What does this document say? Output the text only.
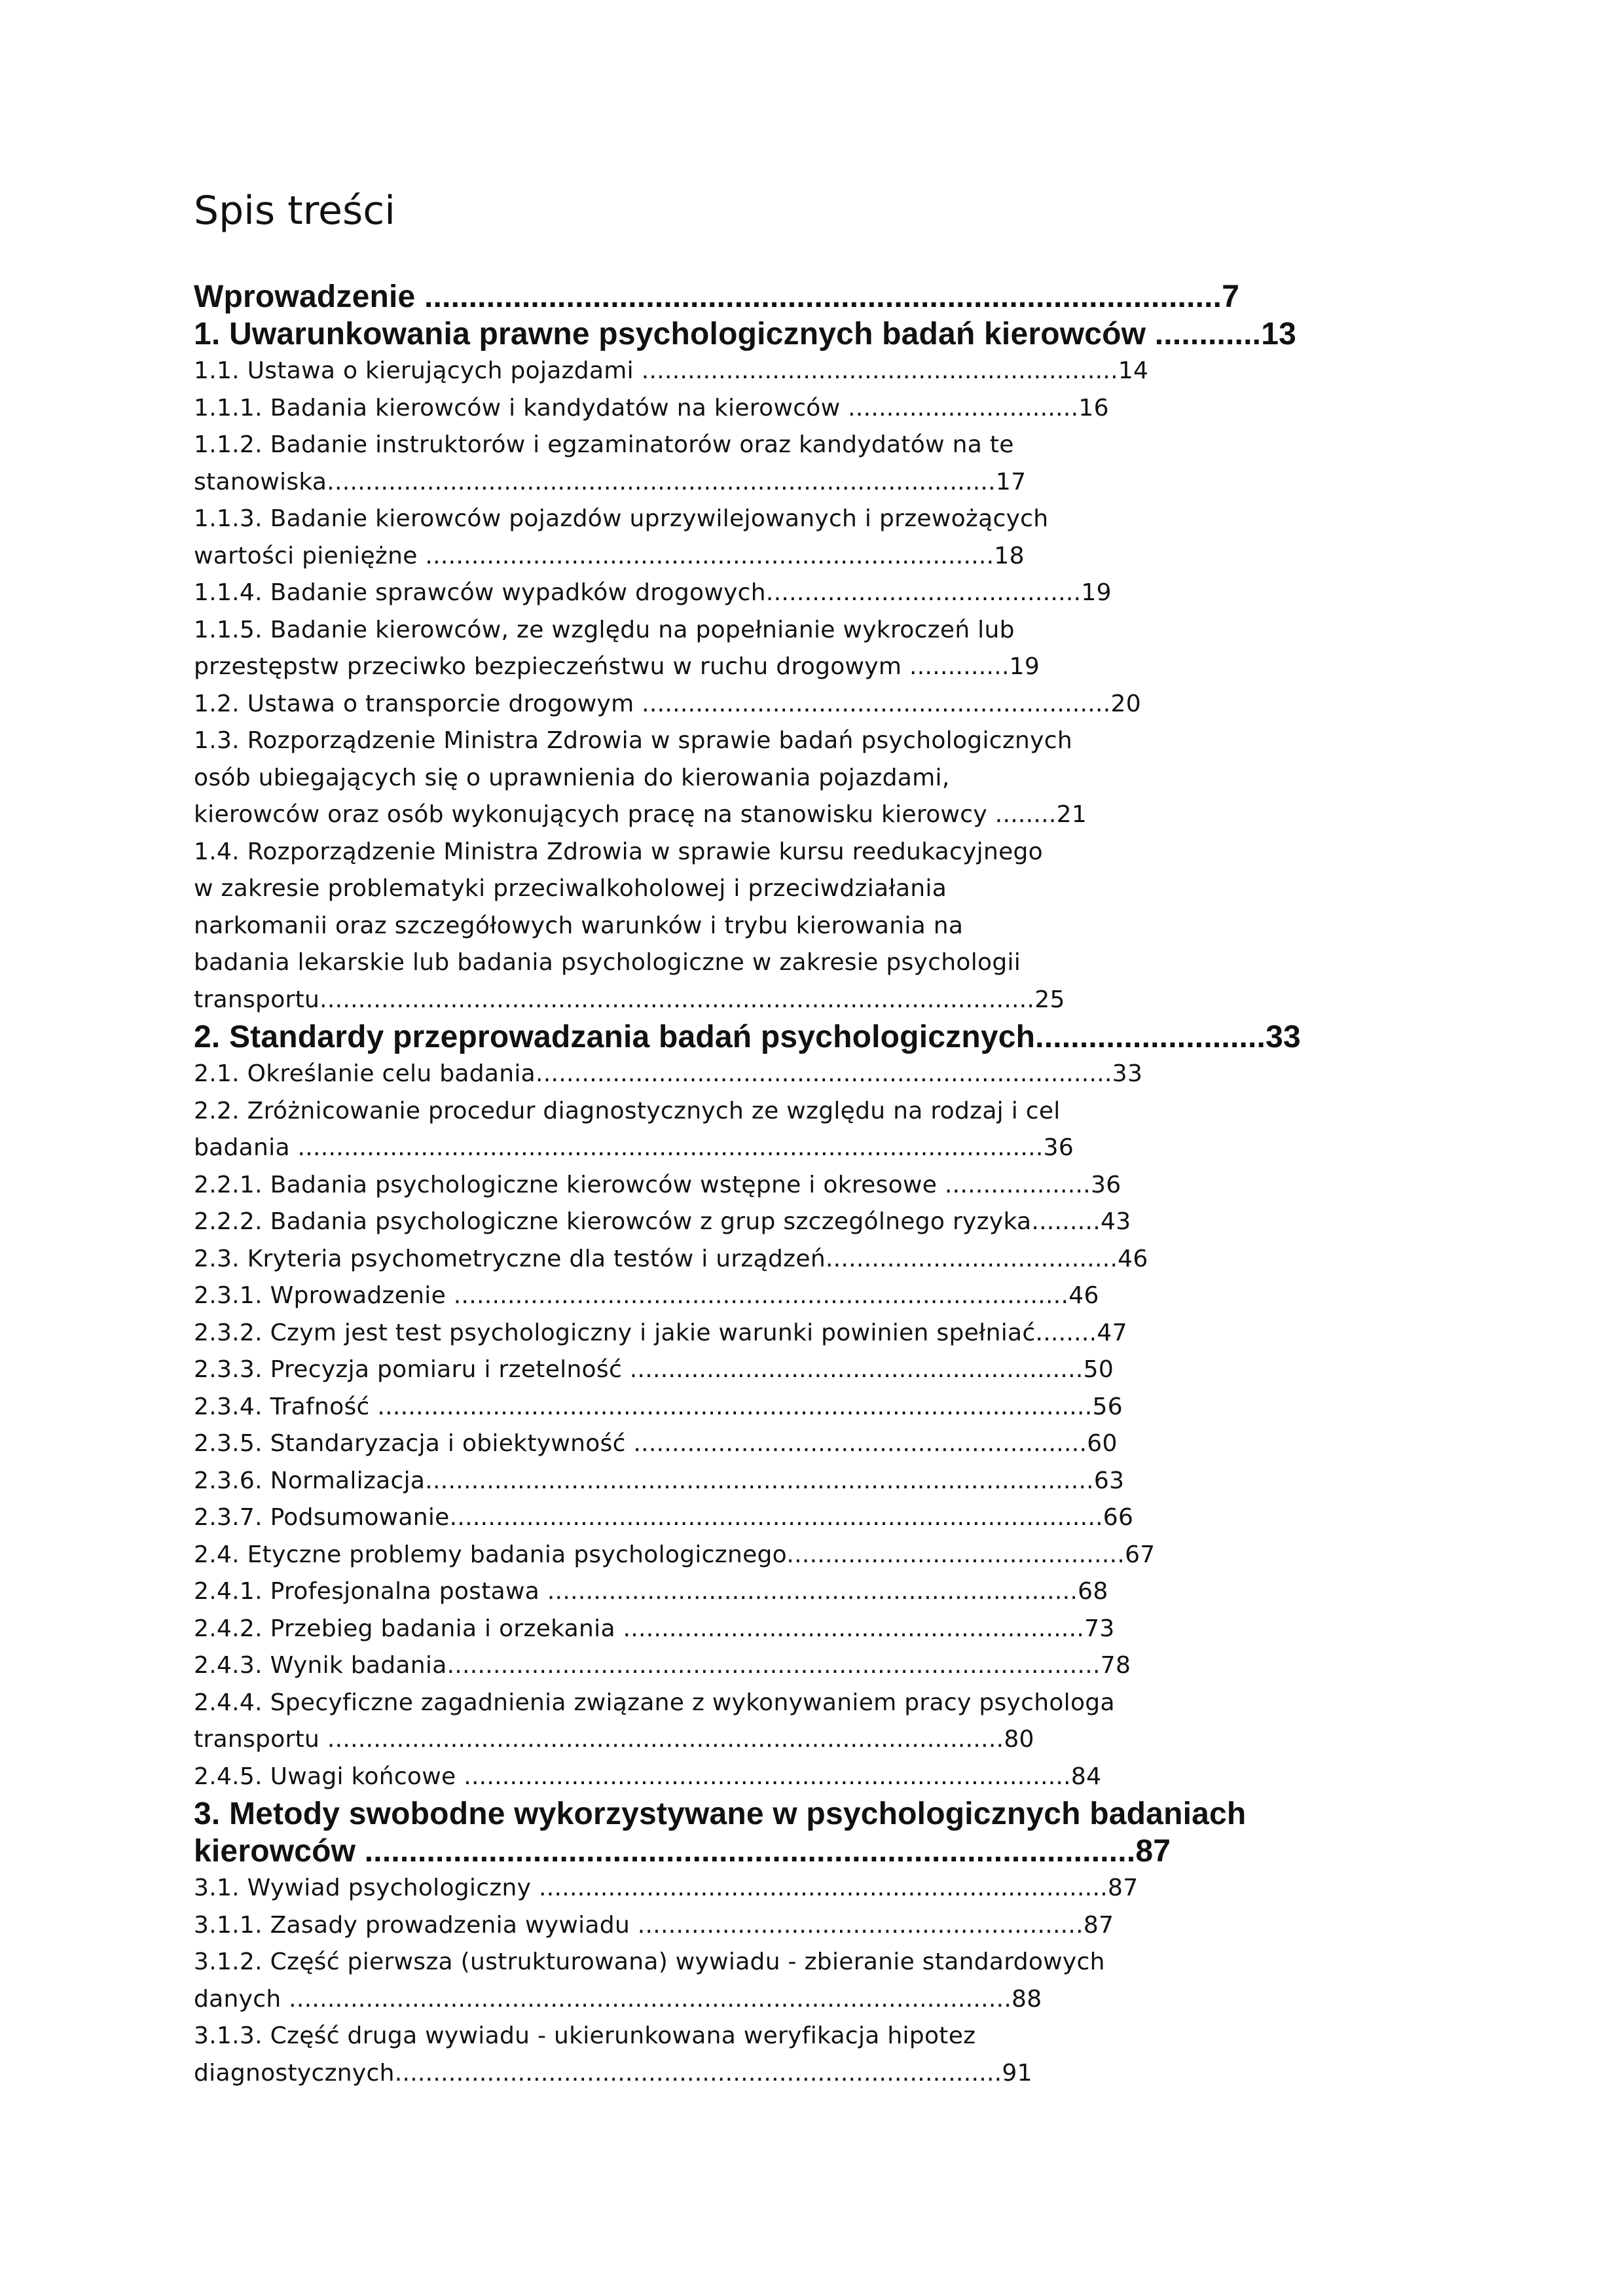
Spis treści
Wprowadzenie ..........................................................................................7
1. Uwarunkowania prawne psychologicznych badań kierowców ............13
1.1. Ustawa o kierujących pojazdami ..............................................................14
1.1.1. Badania kierowców i kandydatów na kierowców ..............................16
1.1.2. Badanie instruktorów i egzaminatorów oraz kandydatów na te
stanowiska.......................................................................................17
1.1.3. Badanie kierowców pojazdów uprzywilejowanych i przewożących
wartości pieniężne ..........................................................................18
1.1.4. Badanie sprawców wypadków drogowych.........................................19
1.1.5. Badanie kierowców, ze względu na popełnianie wykroczeń lub
przestępstw przeciwko bezpieczeństwu w ruchu drogowym .............19
1.2. Ustawa o transporcie drogowym .............................................................20
1.3. Rozporządzenie Ministra Zdrowia w sprawie badań psychologicznych
osób ubiegających się o uprawnienia do kierowania pojazdami,
kierowców oraz osób wykonujących pracę na stanowisku kierowcy ........21
1.4. Rozporządzenie Ministra Zdrowia w sprawie kursu reedukacyjnego
w zakresie problematyki przeciwalkoholowej i przeciwdziałania
narkomanii oraz szczegółowych warunków i trybu kierowania na
badania lekarskie lub badania psychologiczne w zakresie psychologii
transportu.............................................................................................25
2. Standardy przeprowadzania badań psychologicznych..........................33
2.1. Określanie celu badania...........................................................................33
2.2. Zróżnicowanie procedur diagnostycznych ze względu na rodzaj i cel
badania .................................................................................................36
2.2.1. Badania psychologiczne kierowców wstępne i okresowe ...................36
2.2.2. Badania psychologiczne kierowców z grup szczególnego ryzyka.........43
2.3. Kryteria psychometryczne dla testów i urządzeń......................................46
2.3.1. Wprowadzenie ................................................................................46
2.3.2. Czym jest test psychologiczny i jakie warunki powinien spełniać........47
2.3.3. Precyzja pomiaru i rzetelność ...........................................................50
2.3.4. Trafność .............................................................................................56
2.3.5. Standaryzacja i obiektywność ...........................................................60
2.3.6. Normalizacja.......................................................................................63
2.3.7. Podsumowanie.....................................................................................66
2.4. Etyczne problemy badania psychologicznego............................................67
2.4.1. Profesjonalna postawa .....................................................................68
2.4.2. Przebieg badania i orzekania ............................................................73
2.4.3. Wynik badania.....................................................................................78
2.4.4. Specyficzne zagadnienia związane z wykonywaniem pracy psychologa
transportu ........................................................................................80
2.4.5. Uwagi końcowe ...............................................................................84
3. Metody swobodne wykorzystywane w psychologicznych badaniach
kierowców .......................................................................................87
3.1. Wywiad psychologiczny ..........................................................................87
3.1.1. Zasady prowadzenia wywiadu ..........................................................87
3.1.2. Część pierwsza (ustrukturowana) wywiadu - zbieranie standardowych
danych ..............................................................................................88
3.1.3. Część druga wywiadu - ukierunkowana weryfikacja hipotez
diagnostycznych...............................................................................91
